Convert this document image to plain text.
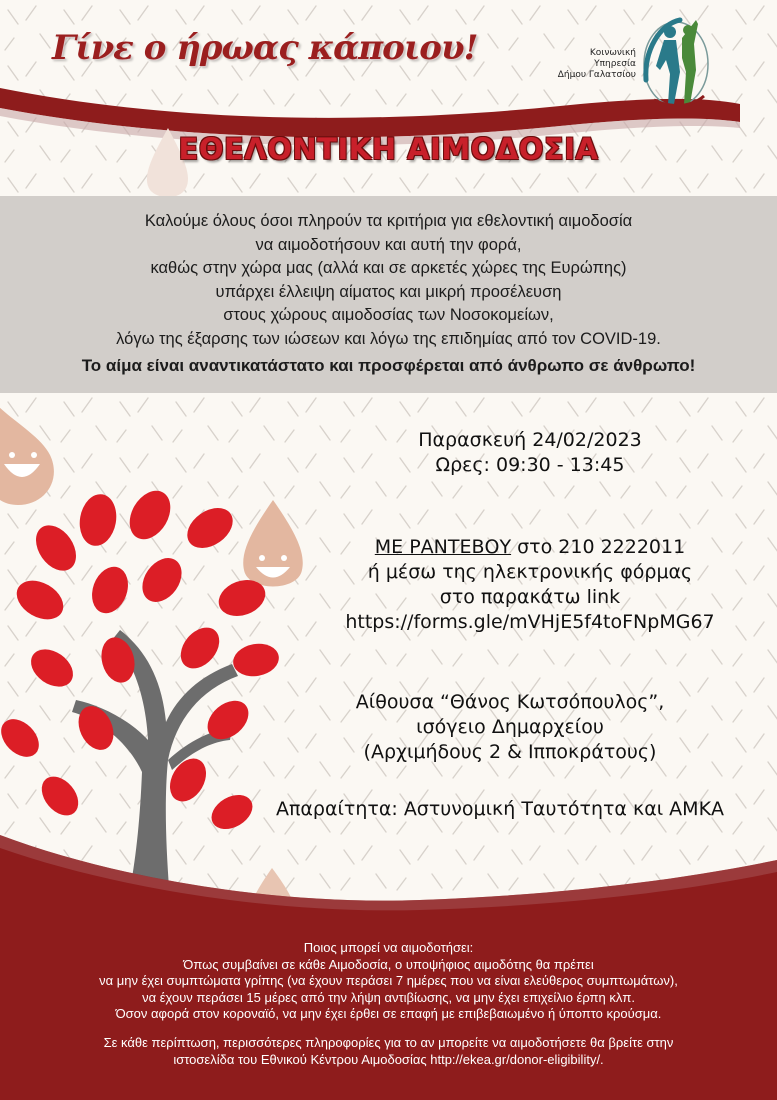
Γίνε ο ήρωας κάποιου!	Κοινωνική
Υπηρεσία
Δήμου Γαλατσίου
ΕΘΕΛΟΝΤΙΚΗ ΑΙΜΟΔΟΣΙΑ
Καλούμε όλους όσοι πληρούν τα κριτήρια για εθελοντική αιμοδοσία
να αιμοδοτήσουν και αυτή την φορά,
καθώς στην χώρα μας (αλλά και σε αρκετές χώρες της Ευρώπης)
υπάρχει έλλειψη αίματος και μικρή προσέλευση
στους χώρους αιμοδοσίας των Νοσοκομείων,
λόγω της έξαρσης των ιώσεων και λόγω της επιδημίας από τον COVID-19.
Το αίμα είναι αναντικατάστατο και προσφέρεται από άνθρωπο σε άνθρωπο!
Παρασκευή 24/02/2023
Ωρες: 09:30 - 13:45
ΜΕ ΡΑΝΤΕΒΟΥ στο 210 2222011
ή μέσω της ηλεκτρονικής φόρμας
στο παρακάτω link
https://forms.gle/mVHjE5f4toFNpMG67
Αίθουσα “Θάνος Κωτσόπουλος”,
ισόγειο Δημαρχείου
(Αρχιμήδους 2 & Ιπποκράτους)
Απαραίτητα: Αστυνομική Ταυτότητα και ΑΜΚΑ
Ποιος μπορεί να αιμοδοτήσει:
Όπως συμβαίνει σε κάθε Αιμοδοσία, ο υποψήφιος αιμοδότης θα πρέπει
να μην έχει συμπτώματα γρίπης (να έχουν περάσει 7 ημέρες που να είναι ελεύθερος συμπτωμάτων),
να έχουν περάσει 15 μέρες από την λήψη αντιβίωσης, να μην έχει επιχείλιο έρπη κλπ.
Όσον αφορά στον κοροναϊό, να μην έχει έρθει σε επαφή με επιβεβαιωμένο ή ύποπτο κρούσμα.
Σε κάθε περίπτωση, περισσότερες πληροφορίες για το αν μπορείτε να αιμοδοτήσετε θα βρείτε στην
ιστοσελίδα του Εθνικού Κέντρου Αιμοδοσίας http://ekea.gr/donor-eligibility/.
